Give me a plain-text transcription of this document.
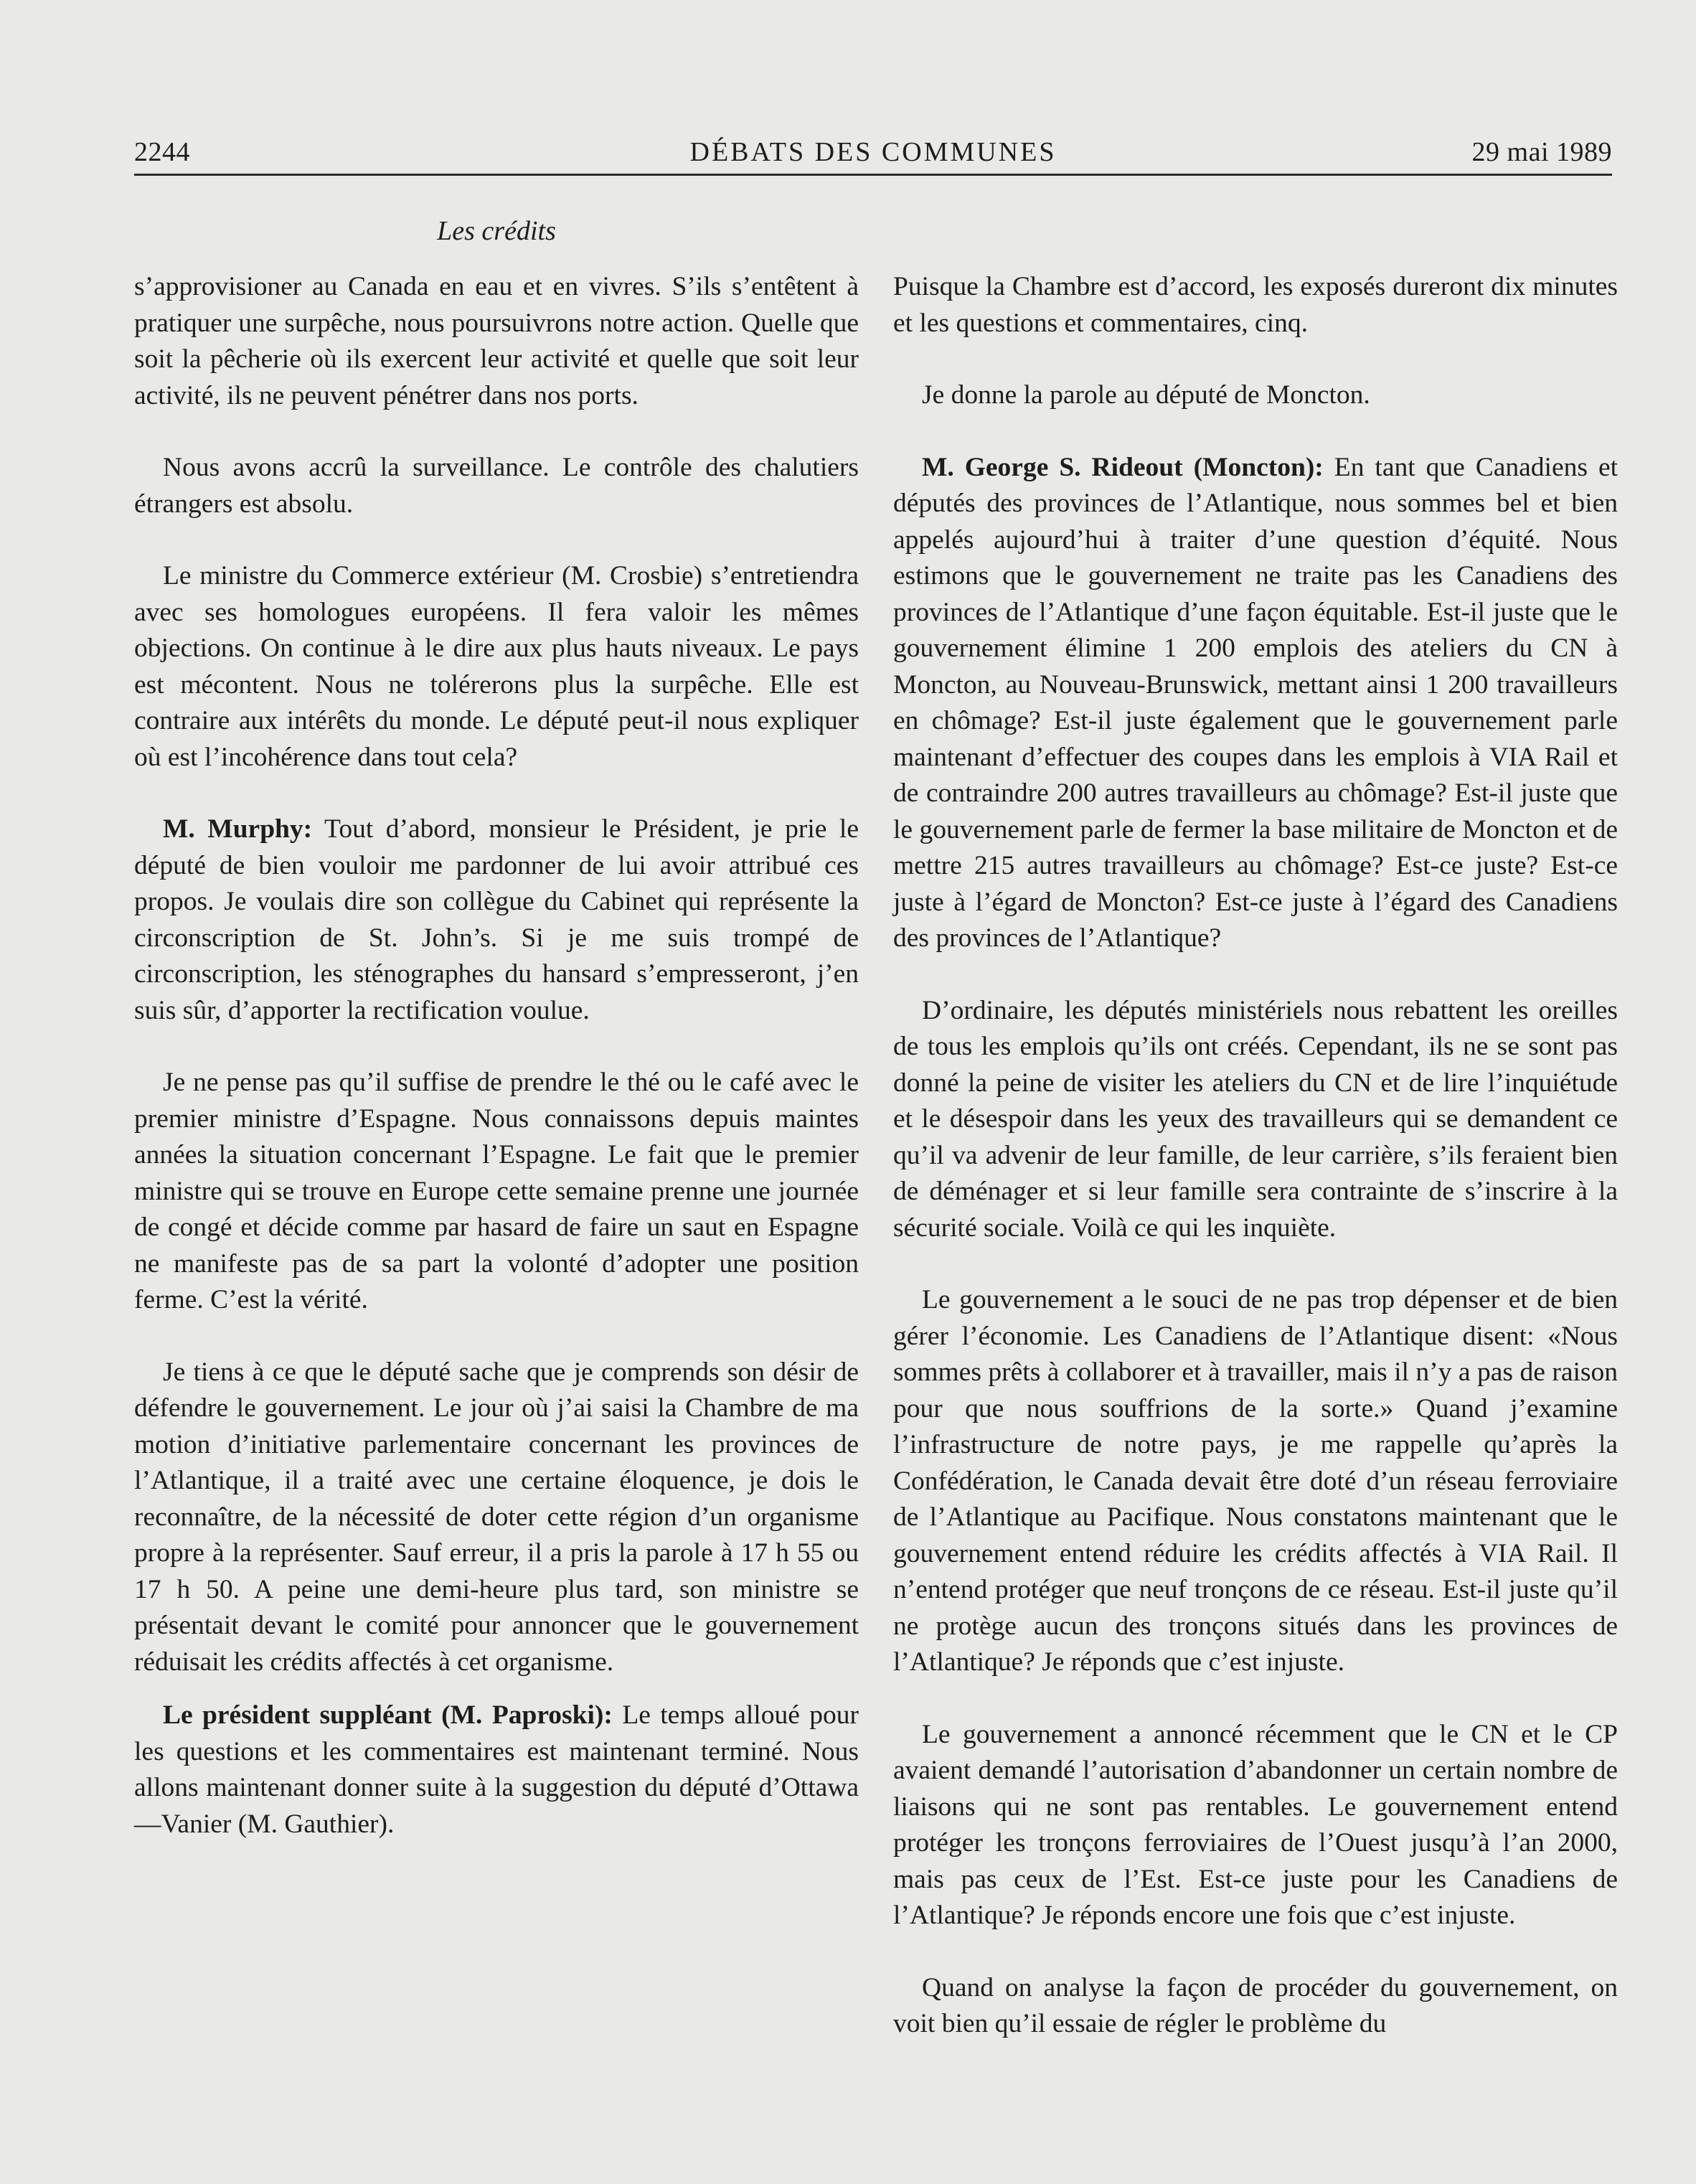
2244	DÉBATS DES COMMUNES	29 mai 1989
Les crédits

s’approvisioner au Canada en eau et en vivres. S’ils s’entêtent à pratiquer une surpêche, nous poursuivrons notre action. Quelle que soit la pêcherie où ils exercent leur activité et quelle que soit leur activité, ils ne peuvent pénétrer dans nos ports.

Nous avons accrû la surveillance. Le contrôle des chalutiers étrangers est absolu.

Le ministre du Commerce extérieur (M. Crosbie) s’entretiendra avec ses homologues européens. Il fera valoir les mêmes objections. On continue à le dire aux plus hauts niveaux. Le pays est mécontent. Nous ne tolérerons plus la surpêche. Elle est contraire aux intérêts du monde. Le député peut-il nous expliquer où est l’incohérence dans tout cela?

M. Murphy: Tout d’abord, monsieur le Président, je prie le député de bien vouloir me pardonner de lui avoir attribué ces propos. Je voulais dire son collègue du Cabinet qui représente la circonscription de St. John’s. Si je me suis trompé de circonscription, les sténographes du hansard s’empresseront, j’en suis sûr, d’apporter la rectification voulue.

Je ne pense pas qu’il suffise de prendre le thé ou le café avec le premier ministre d’Espagne. Nous connaissons depuis maintes années la situation concernant l’Espagne. Le fait que le premier ministre qui se trouve en Europe cette semaine prenne une journée de congé et décide comme par hasard de faire un saut en Espagne ne manifeste pas de sa part la volonté d’adopter une position ferme. C’est la vérité.

Je tiens à ce que le député sache que je comprends son désir de défendre le gouvernement. Le jour où j’ai saisi la Chambre de ma motion d’initiative parlementaire concernant les provinces de l’Atlantique, il a traité avec une certaine éloquence, je dois le reconnaître, de la nécessité de doter cette région d’un organisme propre à la représenter. Sauf erreur, il a pris la parole à 17 h 55 ou 17 h 50. A peine une demi-heure plus tard, son ministre se présentait devant le comité pour annoncer que le gouvernement réduisait les crédits affectés à cet organisme.

Le président suppléant (M. Paproski): Le temps alloué pour les questions et les commentaires est maintenant terminé. Nous allons maintenant donner suite à la suggestion du député d’Ottawa—Vanier (M. Gauthier).

Puisque la Chambre est d’accord, les exposés dureront dix minutes et les questions et commentaires, cinq.

Je donne la parole au député de Moncton.

M. George S. Rideout (Moncton): En tant que Canadiens et députés des provinces de l’Atlantique, nous sommes bel et bien appelés aujourd’hui à traiter d’une question d’équité. Nous estimons que le gouvernement ne traite pas les Canadiens des provinces de l’Atlantique d’une façon équitable. Est-il juste que le gouvernement élimine 1 200 emplois des ateliers du CN à Moncton, au Nouveau-Brunswick, mettant ainsi 1 200 travailleurs en chômage? Est-il juste également que le gouvernement parle maintenant d’effectuer des coupes dans les emplois à VIA Rail et de contraindre 200 autres travailleurs au chômage? Est-il juste que le gouvernement parle de fermer la base militaire de Moncton et de mettre 215 autres travailleurs au chômage? Est-ce juste? Est-ce juste à l’égard de Moncton? Est-ce juste à l’égard des Canadiens des provinces de l’Atlantique?

D’ordinaire, les députés ministériels nous rebattent les oreilles de tous les emplois qu’ils ont créés. Cependant, ils ne se sont pas donné la peine de visiter les ateliers du CN et de lire l’inquiétude et le désespoir dans les yeux des travailleurs qui se demandent ce qu’il va advenir de leur famille, de leur carrière, s’ils feraient bien de déménager et si leur famille sera contrainte de s’inscrire à la sécurité sociale. Voilà ce qui les inquiète.

Le gouvernement a le souci de ne pas trop dépenser et de bien gérer l’économie. Les Canadiens de l’Atlantique disent: «Nous sommes prêts à collaborer et à travailler, mais il n’y a pas de raison pour que nous souffrions de la sorte.» Quand j’examine l’infrastructure de notre pays, je me rappelle qu’après la Confédération, le Canada devait être doté d’un réseau ferroviaire de l’Atlantique au Pacifique. Nous constatons maintenant que le gouvernement entend réduire les crédits affectés à VIA Rail. Il n’entend protéger que neuf tronçons de ce réseau. Est-il juste qu’il ne protège aucun des tronçons situés dans les provinces de l’Atlantique? Je réponds que c’est injuste.

Le gouvernement a annoncé récemment que le CN et le CP avaient demandé l’autorisation d’abandonner un certain nombre de liaisons qui ne sont pas rentables. Le gouvernement entend protéger les tronçons ferroviaires de l’Ouest jusqu’à l’an 2000, mais pas ceux de l’Est. Est-ce juste pour les Canadiens de l’Atlantique? Je réponds encore une fois que c’est injuste.

Quand on analyse la façon de procéder du gouvernement, on voit bien qu’il essaie de régler le problème du
